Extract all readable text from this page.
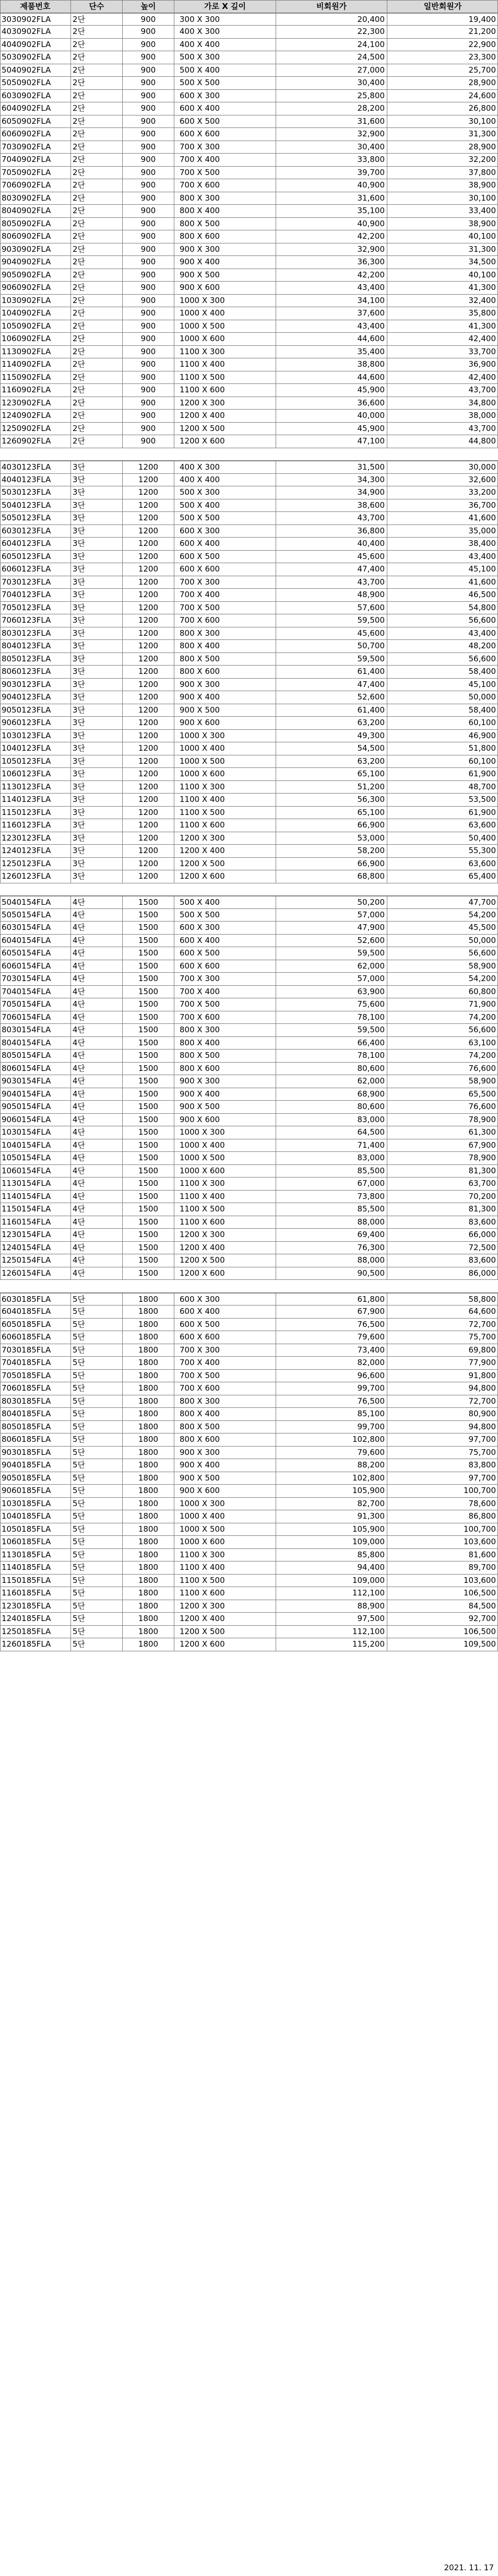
제품번호	단수	높이	가로 X 깊이	비회원가	일반회원가
3030902FLA	2단	900	300 X 300	20,400	19,400
4030902FLA	2단	900	400 X 300	22,300	21,200
4040902FLA	2단	900	400 X 400	24,100	22,900
5030902FLA	2단	900	500 X 300	24,500	23,300
5040902FLA	2단	900	500 X 400	27,000	25,700
5050902FLA	2단	900	500 X 500	30,400	28,900
6030902FLA	2단	900	600 X 300	25,800	24,600
6040902FLA	2단	900	600 X 400	28,200	26,800
6050902FLA	2단	900	600 X 500	31,600	30,100
6060902FLA	2단	900	600 X 600	32,900	31,300
7030902FLA	2단	900	700 X 300	30,400	28,900
7040902FLA	2단	900	700 X 400	33,800	32,200
7050902FLA	2단	900	700 X 500	39,700	37,800
7060902FLA	2단	900	700 X 600	40,900	38,900
8030902FLA	2단	900	800 X 300	31,600	30,100
8040902FLA	2단	900	800 X 400	35,100	33,400
8050902FLA	2단	900	800 X 500	40,900	38,900
8060902FLA	2단	900	800 X 600	42,200	40,100
9030902FLA	2단	900	900 X 300	32,900	31,300
9040902FLA	2단	900	900 X 400	36,300	34,500
9050902FLA	2단	900	900 X 500	42,200	40,100
9060902FLA	2단	900	900 X 600	43,400	41,300
1030902FLA	2단	900	1000 X 300	34,100	32,400
1040902FLA	2단	900	1000 X 400	37,600	35,800
1050902FLA	2단	900	1000 X 500	43,400	41,300
1060902FLA	2단	900	1000 X 600	44,600	42,400
1130902FLA	2단	900	1100 X 300	35,400	33,700
1140902FLA	2단	900	1100 X 400	38,800	36,900
1150902FLA	2단	900	1100 X 500	44,600	42,400
1160902FLA	2단	900	1100 X 600	45,900	43,700
1230902FLA	2단	900	1200 X 300	36,600	34,800
1240902FLA	2단	900	1200 X 400	40,000	38,000
1250902FLA	2단	900	1200 X 500	45,900	43,700
1260902FLA	2단	900	1200 X 600	47,100	44,800
4030123FLA	3단	1200	400 X 300	31,500	30,000
4040123FLA	3단	1200	400 X 400	34,300	32,600
5030123FLA	3단	1200	500 X 300	34,900	33,200
5040123FLA	3단	1200	500 X 400	38,600	36,700
5050123FLA	3단	1200	500 X 500	43,700	41,600
6030123FLA	3단	1200	600 X 300	36,800	35,000
6040123FLA	3단	1200	600 X 400	40,400	38,400
6050123FLA	3단	1200	600 X 500	45,600	43,400
6060123FLA	3단	1200	600 X 600	47,400	45,100
7030123FLA	3단	1200	700 X 300	43,700	41,600
7040123FLA	3단	1200	700 X 400	48,900	46,500
7050123FLA	3단	1200	700 X 500	57,600	54,800
7060123FLA	3단	1200	700 X 600	59,500	56,600
8030123FLA	3단	1200	800 X 300	45,600	43,400
8040123FLA	3단	1200	800 X 400	50,700	48,200
8050123FLA	3단	1200	800 X 500	59,500	56,600
8060123FLA	3단	1200	800 X 600	61,400	58,400
9030123FLA	3단	1200	900 X 300	47,400	45,100
9040123FLA	3단	1200	900 X 400	52,600	50,000
9050123FLA	3단	1200	900 X 500	61,400	58,400
9060123FLA	3단	1200	900 X 600	63,200	60,100
1030123FLA	3단	1200	1000 X 300	49,300	46,900
1040123FLA	3단	1200	1000 X 400	54,500	51,800
1050123FLA	3단	1200	1000 X 500	63,200	60,100
1060123FLA	3단	1200	1000 X 600	65,100	61,900
1130123FLA	3단	1200	1100 X 300	51,200	48,700
1140123FLA	3단	1200	1100 X 400	56,300	53,500
1150123FLA	3단	1200	1100 X 500	65,100	61,900
1160123FLA	3단	1200	1100 X 600	66,900	63,600
1230123FLA	3단	1200	1200 X 300	53,000	50,400
1240123FLA	3단	1200	1200 X 400	58,200	55,300
1250123FLA	3단	1200	1200 X 500	66,900	63,600
1260123FLA	3단	1200	1200 X 600	68,800	65,400
5040154FLA	4단	1500	500 X 400	50,200	47,700
5050154FLA	4단	1500	500 X 500	57,000	54,200
6030154FLA	4단	1500	600 X 300	47,900	45,500
6040154FLA	4단	1500	600 X 400	52,600	50,000
6050154FLA	4단	1500	600 X 500	59,500	56,600
6060154FLA	4단	1500	600 X 600	62,000	58,900
7030154FLA	4단	1500	700 X 300	57,000	54,200
7040154FLA	4단	1500	700 X 400	63,900	60,800
7050154FLA	4단	1500	700 X 500	75,600	71,900
7060154FLA	4단	1500	700 X 600	78,100	74,200
8030154FLA	4단	1500	800 X 300	59,500	56,600
8040154FLA	4단	1500	800 X 400	66,400	63,100
8050154FLA	4단	1500	800 X 500	78,100	74,200
8060154FLA	4단	1500	800 X 600	80,600	76,600
9030154FLA	4단	1500	900 X 300	62,000	58,900
9040154FLA	4단	1500	900 X 400	68,900	65,500
9050154FLA	4단	1500	900 X 500	80,600	76,600
9060154FLA	4단	1500	900 X 600	83,000	78,900
1030154FLA	4단	1500	1000 X 300	64,500	61,300
1040154FLA	4단	1500	1000 X 400	71,400	67,900
1050154FLA	4단	1500	1000 X 500	83,000	78,900
1060154FLA	4단	1500	1000 X 600	85,500	81,300
1130154FLA	4단	1500	1100 X 300	67,000	63,700
1140154FLA	4단	1500	1100 X 400	73,800	70,200
1150154FLA	4단	1500	1100 X 500	85,500	81,300
1160154FLA	4단	1500	1100 X 600	88,000	83,600
1230154FLA	4단	1500	1200 X 300	69,400	66,000
1240154FLA	4단	1500	1200 X 400	76,300	72,500
1250154FLA	4단	1500	1200 X 500	88,000	83,600
1260154FLA	4단	1500	1200 X 600	90,500	86,000
6030185FLA	5단	1800	600 X 300	61,800	58,800
6040185FLA	5단	1800	600 X 400	67,900	64,600
6050185FLA	5단	1800	600 X 500	76,500	72,700
6060185FLA	5단	1800	600 X 600	79,600	75,700
7030185FLA	5단	1800	700 X 300	73,400	69,800
7040185FLA	5단	1800	700 X 400	82,000	77,900
7050185FLA	5단	1800	700 X 500	96,600	91,800
7060185FLA	5단	1800	700 X 600	99,700	94,800
8030185FLA	5단	1800	800 X 300	76,500	72,700
8040185FLA	5단	1800	800 X 400	85,100	80,900
8050185FLA	5단	1800	800 X 500	99,700	94,800
8060185FLA	5단	1800	800 X 600	102,800	97,700
9030185FLA	5단	1800	900 X 300	79,600	75,700
9040185FLA	5단	1800	900 X 400	88,200	83,800
9050185FLA	5단	1800	900 X 500	102,800	97,700
9060185FLA	5단	1800	900 X 600	105,900	100,700
1030185FLA	5단	1800	1000 X 300	82,700	78,600
1040185FLA	5단	1800	1000 X 400	91,300	86,800
1050185FLA	5단	1800	1000 X 500	105,900	100,700
1060185FLA	5단	1800	1000 X 600	109,000	103,600
1130185FLA	5단	1800	1100 X 300	85,800	81,600
1140185FLA	5단	1800	1100 X 400	94,400	89,700
1150185FLA	5단	1800	1100 X 500	109,000	103,600
1160185FLA	5단	1800	1100 X 600	112,100	106,500
1230185FLA	5단	1800	1200 X 300	88,900	84,500
1240185FLA	5단	1800	1200 X 400	97,500	92,700
1250185FLA	5단	1800	1200 X 500	112,100	106,500
1260185FLA	5단	1800	1200 X 600	115,200	109,500
2021. 11. 17
